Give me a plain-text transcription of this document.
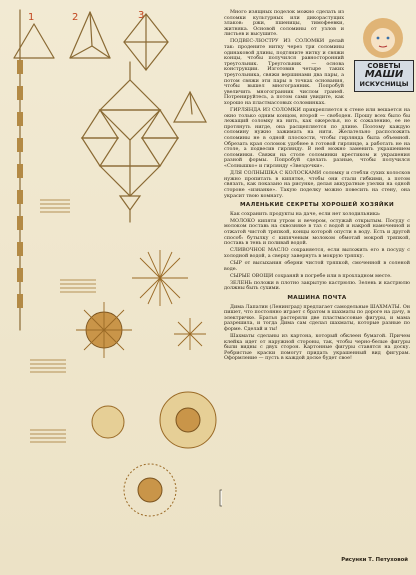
1	2	3
СОВЕТЫ
МАШИ
ИСКУСНИЦЫ

Много изящных поделок можно сделать из соломки культурных или дикорастущих злаков: ржи, пшеницы, тимофеевки, житняка. Основой соломины от узлов и листьев и высушите.

ПОДВЕС-ЛЮСТРУ ИЗ СОЛОМКИ делай так: продените нитку через три соломины одинаковой длины, подтяните нитку и свяжи концы, чтобы получился равносторонний треугольник. Треугольник — основа конструкции. Изготовив четыре таких треугольника, свяжи вершинами два пары, а потом свяжи эти пары в точках основания, чтобы вышел многогранник. Попробуй увеличить многогранник числом граней. Потренируйтесь, а потом сами увидите, как хорошо на пластмассовых соломинках.

ГИРЛЯНДА ИЗ СОЛОМКИ прикрепляется к стене или вешается на окно только одним концом, второй — свободен. Прошу всех было бы лежащий соломку на нить, как ожерелья, но к сожалению, ее не протянуть нигде, она расщепляется по длине. Поэтому каждую соломину нужно зажимать на нити. Желательно расположить соломины не в одной плоскости, чтобы гирлянда была объемной. Обрезать края соломок удобнее в готовой гирлянде, а работать не на столе, а подвесив гирлянду. В ней можно заменить украшением соломинки. Свяжи на столе соломинки крестиком и украшения разной формы. Попробуй сделать разные, чтобы получился «Солнышко» и гирлянду «Звездочки».

ДЛЯ СОЛНЫШКА С КОЛОСКАМИ соломку и стебли сухих колосков нужно пропитать в кипятке, чтобы они стали гибкими, а потом связать, как показано на рисунке, делая аккуратные узелки на одной стороне «изнанке». Такую поделку можно повесить на стену, она украсит твою комнату.

МАЛЕНЬКИЕ СЕКРЕТЫ ХОРОШЕЙ ХОЗЯЙКИ

Как сохранить продукты на даче, если нет холодильника:

МОЛОКО кипяти утром и вечером, остужай открытым. Посуду с молоком поставь на сквозняке в таз с водой и накрой намоченной и отжатой чистой тряпкой, концы которой опусти в воду. Есть и другой способ: бутылку с кипяченым молоком обмотай мокрой тряпкой, поставь в тень и поливай водой.

СЛИВОЧНОЕ МАСЛО сохраняется, если выложить его в посуду с холодной водой, а сверху завернуть в мокрую тряпку.

СЫР от высыхания оберни чистой тряпкой, смоченной в соленой воде.

СЫРЫЕ ОВОЩИ сохраняй в погребе или в прохладном месте.

ЗЕЛЕНЬ положи в плотно закрытую кастрюлю. Зелень и кастрюлю должны быть сухими.

МАШИНА ПОЧТА

Дима Лапатин (Ленинград) предлагает самодельные ШАХМАТЫ. Он пишет, что постоянно играет с братом в шахматы по дороге на дачу, в электричке. Братья растеряли две пластмассовые фигуры, и мама разрешила, и тогда Дима сам сделал шахматы, которые разные по форме. Сделай и ты!

Шахматы сделаны из картона, который обклеен бумагой. Причем клейка идет от наружной стороны, так, чтобы черно-белые фигуры были видны с двух сторон. Картонные фигуры ставятся на доску. Ребристые краски помогут придать украшенный вид фигурам. Оформление — пусть в каждой доске будет свое!

Рисунки Т. Петуховой
